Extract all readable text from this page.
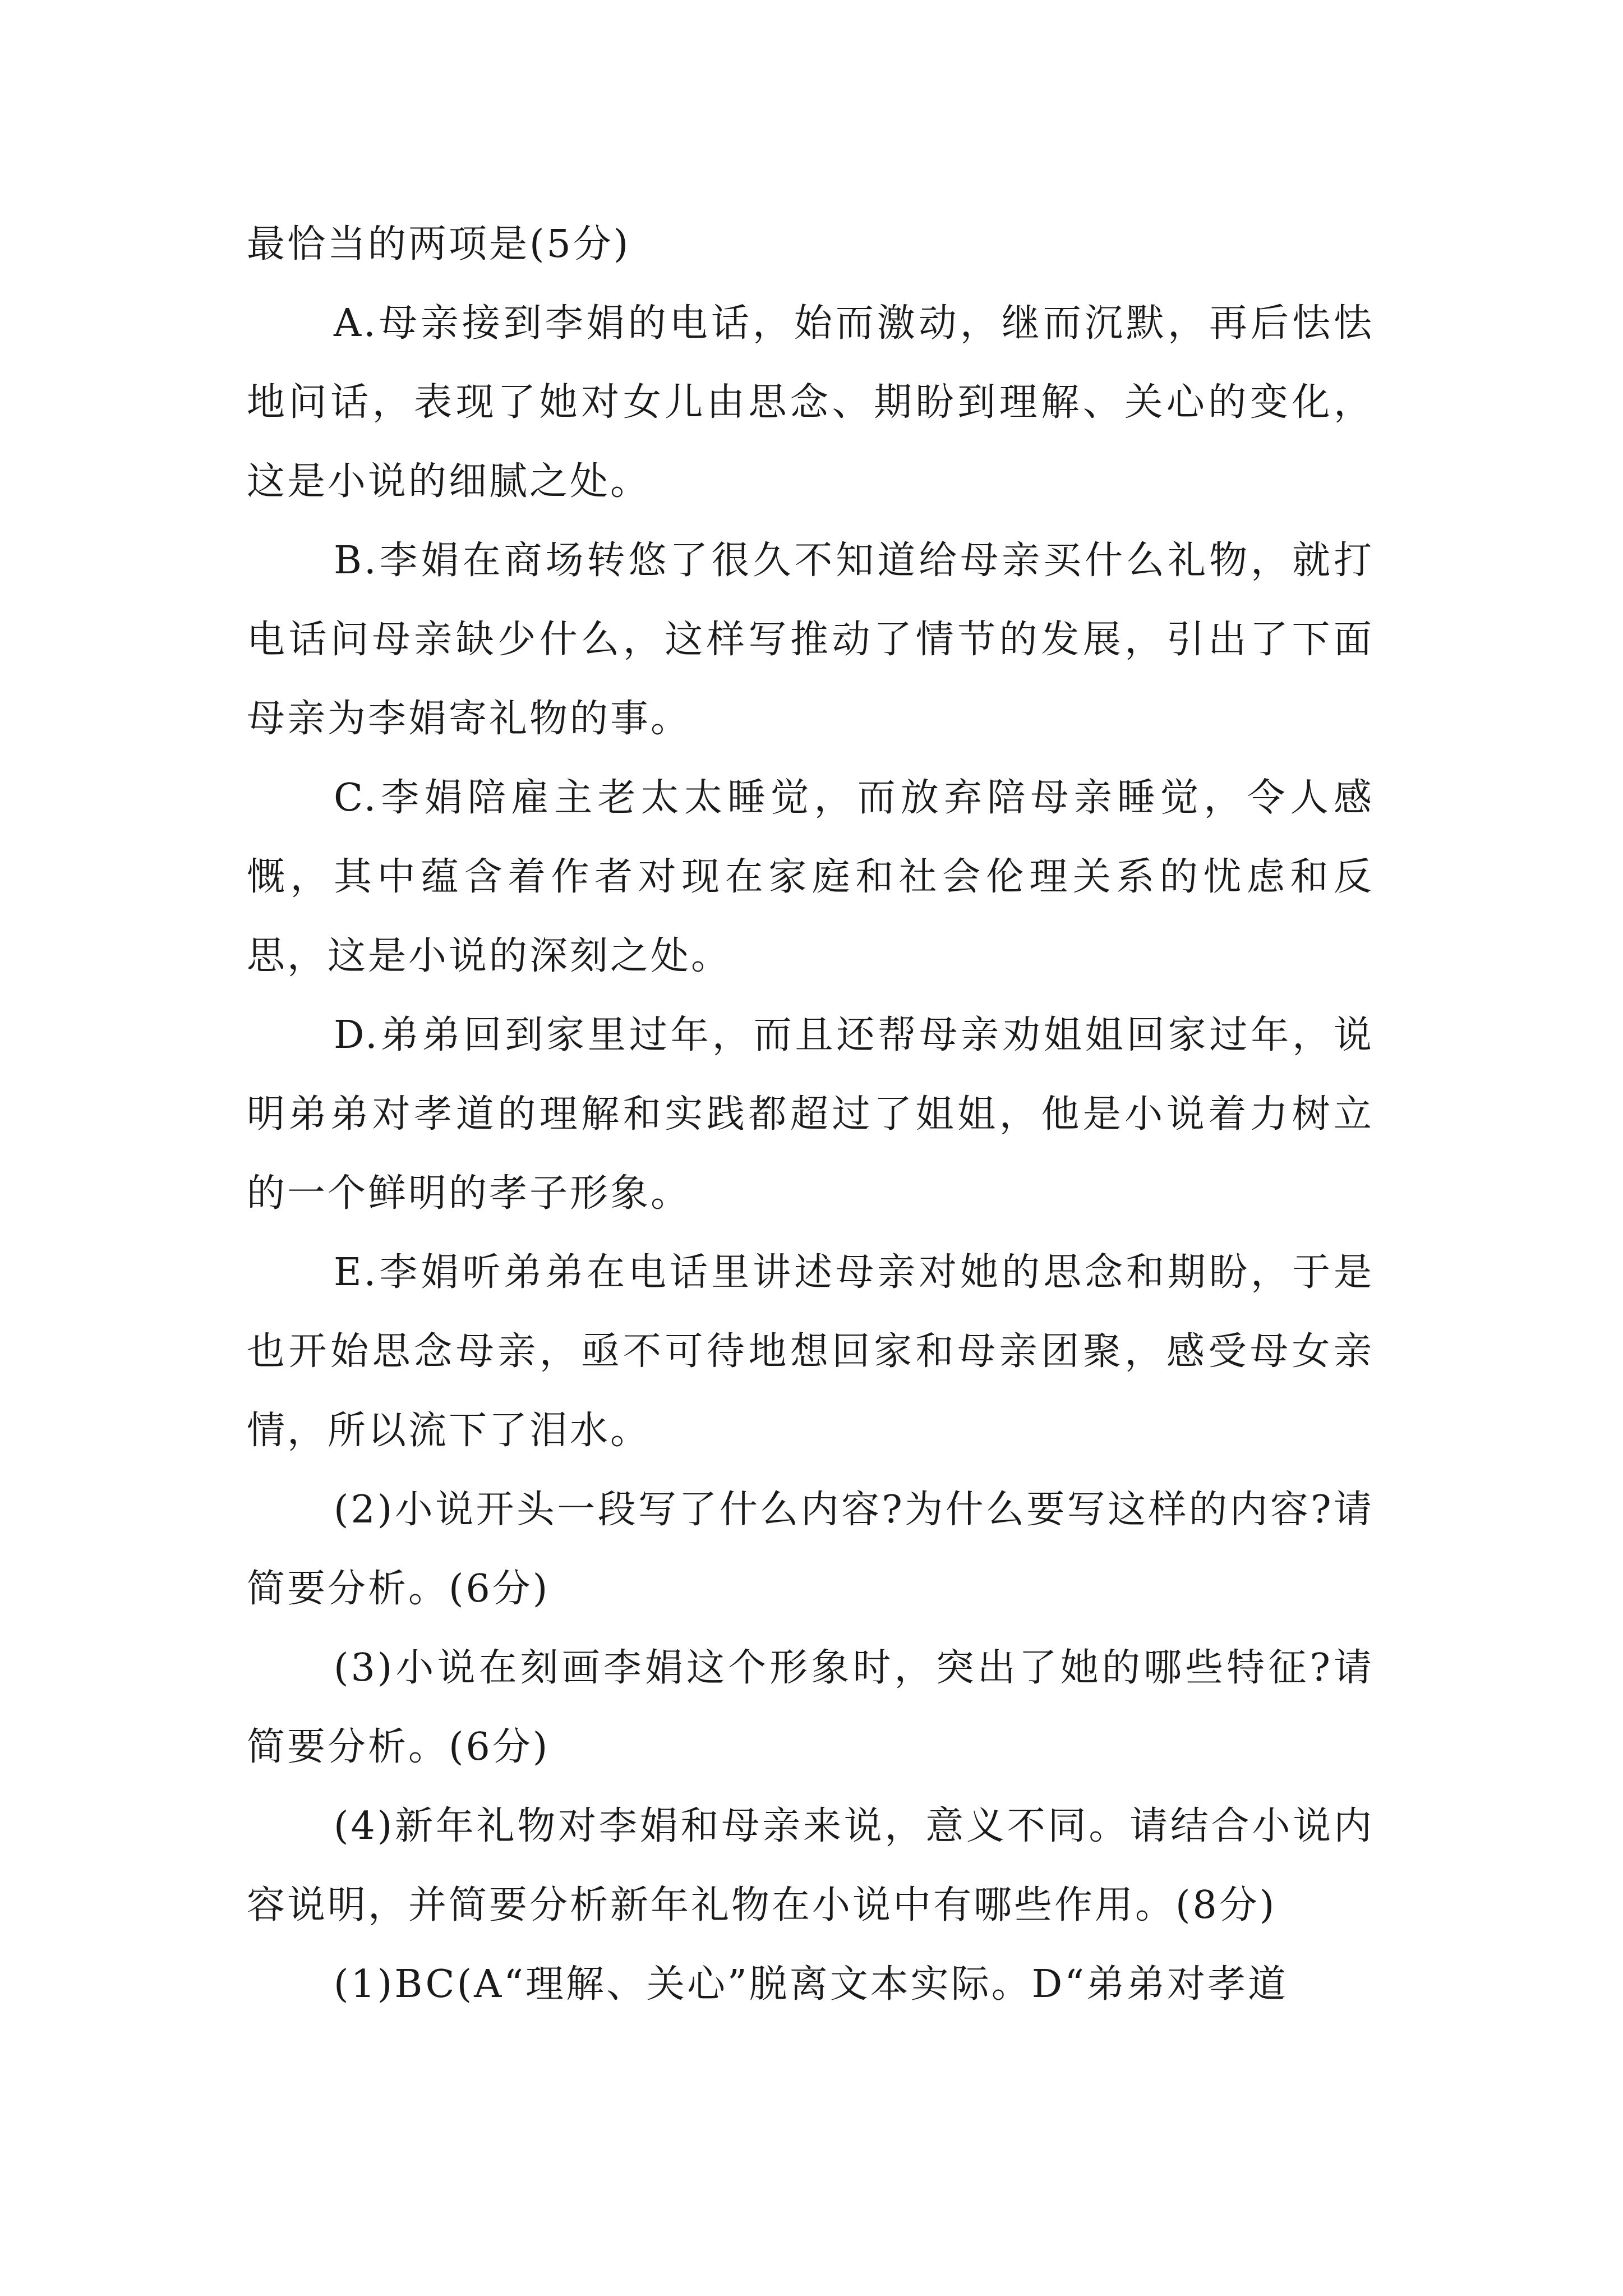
最恰当的两项是(5分)

A.母亲接到李娟的电话，始而激动，继而沉默，再后怯怯地问话，表现了她对女儿由思念、期盼到理解、关心的变化，这是小说的细腻之处。

B.李娟在商场转悠了很久不知道给母亲买什么礼物，就打电话问母亲缺少什么，这样写推动了情节的发展，引出了下面母亲为李娟寄礼物的事。

C.李娟陪雇主老太太睡觉，而放弃陪母亲睡觉，令人感慨，其中蕴含着作者对现在家庭和社会伦理关系的忧虑和反思，这是小说的深刻之处。

D.弟弟回到家里过年，而且还帮母亲劝姐姐回家过年，说明弟弟对孝道的理解和实践都超过了姐姐，他是小说着力树立的一个鲜明的孝子形象。

E.李娟听弟弟在电话里讲述母亲对她的思念和期盼，于是也开始思念母亲，亟不可待地想回家和母亲团聚，感受母女亲情，所以流下了泪水。

(2)小说开头一段写了什么内容?为什么要写这样的内容?请简要分析。(6分)

(3)小说在刻画李娟这个形象时，突出了她的哪些特征?请简要分析。(6分)

(4)新年礼物对李娟和母亲来说，意义不同。请结合小说内容说明，并简要分析新年礼物在小说中有哪些作用。(8分)

(1)BC(A“理解、关心”脱离文本实际。D“弟弟对孝道
